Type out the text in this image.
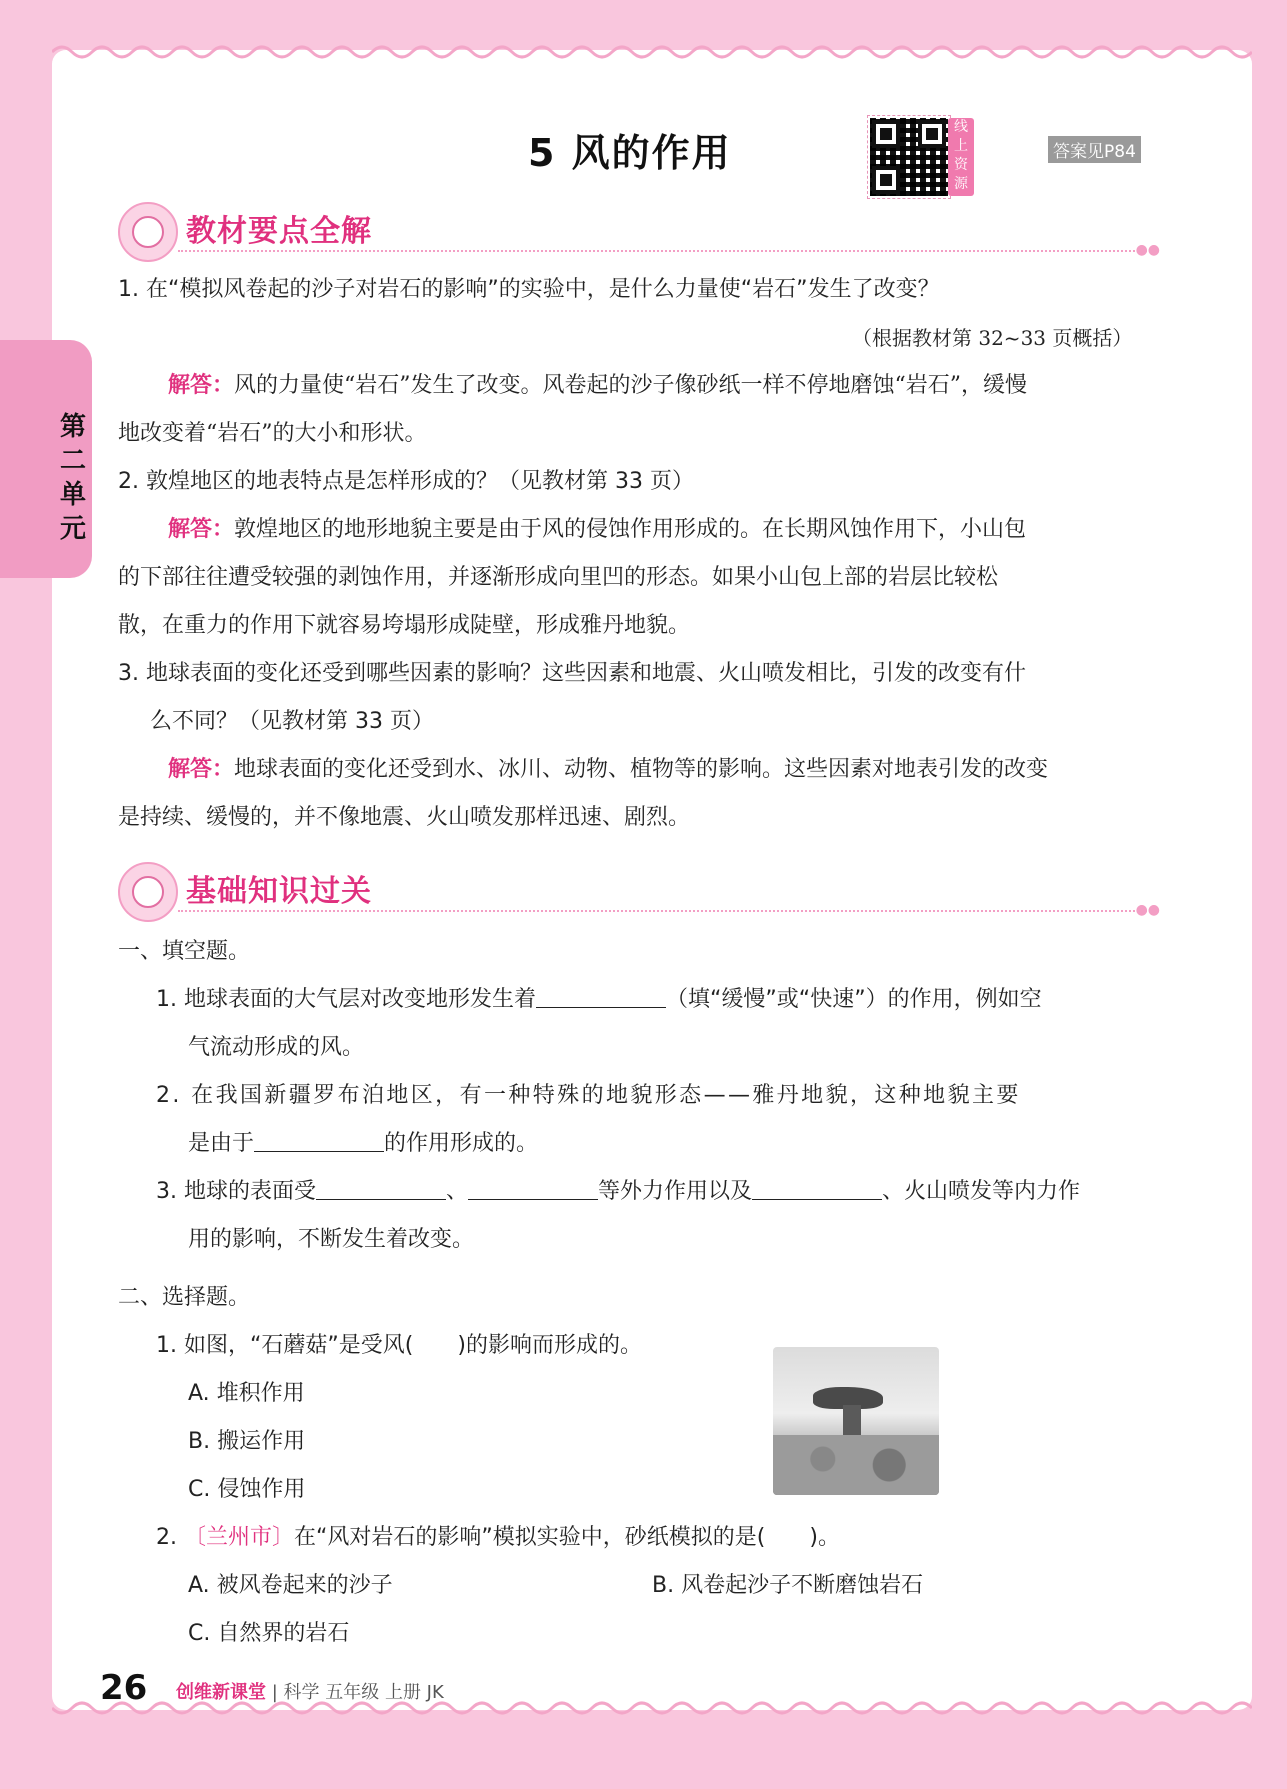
第二单元
5 风的作用
线上资源
答案见P84
教材要点全解
●●
1. 在“模拟风卷起的沙子对岩石的影响”的实验中，是什么力量使“岩石”发生了改变？
（根据教材第 32~33 页概括）
解答：风的力量使“岩石”发生了改变。风卷起的沙子像砂纸一样不停地磨蚀“岩石”，缓慢
地改变着“岩石”的大小和形状。
2. 敦煌地区的地表特点是怎样形成的？（见教材第 33 页）
解答：敦煌地区的地形地貌主要是由于风的侵蚀作用形成的。在长期风蚀作用下，小山包
的下部往往遭受较强的剥蚀作用，并逐渐形成向里凹的形态。如果小山包上部的岩层比较松
散，在重力的作用下就容易垮塌形成陡壁，形成雅丹地貌。
3. 地球表面的变化还受到哪些因素的影响？这些因素和地震、火山喷发相比，引发的改变有什
么不同？（见教材第 33 页）
解答：地球表面的变化还受到水、冰川、动物、植物等的影响。这些因素对地表引发的改变
是持续、缓慢的，并不像地震、火山喷发那样迅速、剧烈。
基础知识过关
●●
一、填空题。
1. 地球表面的大气层对改变地形发生着	（填“缓慢”或“快速”）的作用，例如空
气流动形成的风。
2. 在我国新疆罗布泊地区，有一种特殊的地貌形态——雅丹地貌，这种地貌主要
是由于	的作用形成的。
3. 地球的表面受	、	等外力作用以及	、火山喷发等内力作
用的影响，不断发生着改变。
二、选择题。
1. 如图，“石蘑菇”是受风(　　)的影响而形成的。
A. 堆积作用
B. 搬运作用
C. 侵蚀作用
2. 〔兰州市〕在“风对岩石的影响”模拟实验中，砂纸模拟的是(　　)。
A. 被风卷起来的沙子	B. 风卷起沙子不断磨蚀岩石
C. 自然界的岩石
26 创维新课堂 | 科学 五年级 上册 JK
